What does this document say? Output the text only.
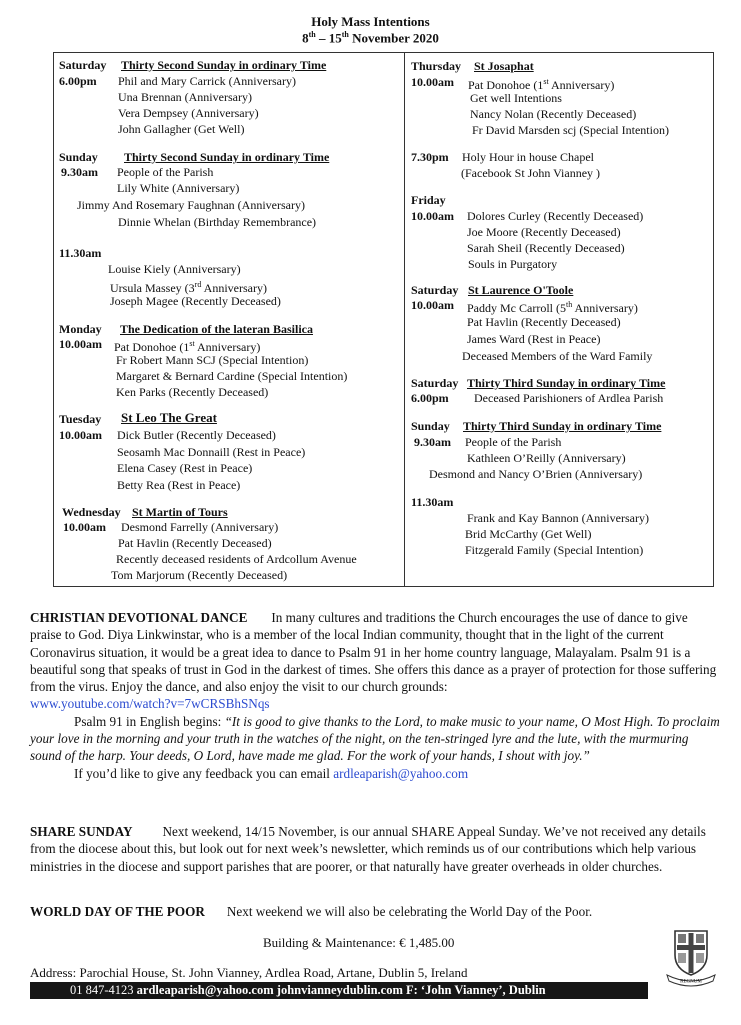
Holy Mass Intentions
8th – 15th November 2020
Saturday Thirty Second Sunday in ordinary Time
6.00pm Phil and Mary Carrick (Anniversary)
Una Brennan (Anniversary)
Vera Dempsey (Anniversary)
John Gallagher (Get Well)
Sunday Thirty Second Sunday in ordinary Time
9.30am People of the Parish
Lily White (Anniversary)
Jimmy And Rosemary Faughnan (Anniversary)
Dinnie Whelan (Birthday Remembrance)
11.30am
Louise Kiely (Anniversary)
Ursula Massey (3rd Anniversary)
Joseph Magee (Recently Deceased)
Monday The Dedication of the lateran Basilica
10.00am Pat Donohoe (1st Anniversary)
Fr Robert Mann SCJ (Special Intention)
Margaret & Bernard Cardine (Special Intention)
Ken Parks (Recently Deceased)
Tuesday St Leo The Great
10.00am Dick Butler (Recently Deceased)
Seosamh Mac Donnaill (Rest in Peace)
Elena Casey (Rest in Peace)
Betty Rea (Rest in Peace)
Wednesday St Martin of Tours
10.00am Desmond Farrelly (Anniversary)
Pat Havlin (Recently Deceased)
Recently deceased residents of Ardcollum Avenue
Tom Marjorum (Recently Deceased)
Thursday St Josaphat
10.00am Pat Donohoe (1st Anniversary)
Get well Intentions
Nancy Nolan (Recently Deceased)
Fr David Marsden scj (Special Intention)
7.30pm Holy Hour in house Chapel
(Facebook St John Vianney )
Friday
10.00am Dolores Curley (Recently Deceased)
Joe Moore (Recently Deceased)
Sarah Sheil (Recently Deceased)
Souls in Purgatory
Saturday St Laurence O'Toole
10.00am Paddy Mc Carroll (5th Anniversary)
Pat Havlin (Recently Deceased)
James Ward (Rest in Peace)
Deceased Members of the Ward Family
Saturday Thirty Third Sunday in ordinary Time
6.00pm Deceased Parishioners of Ardlea Parish
Sunday Thirty Third Sunday in ordinary Time
9.30am People of the Parish
Kathleen O’Reilly (Anniversary)
Desmond and Nancy O’Brien (Anniversary)
11.30am
Frank and Kay Bannon (Anniversary)
Brid McCarthy (Get Well)
Fitzgerald Family (Special Intention)

CHRISTIAN DEVOTIONAL DANCE In many cultures and traditions the Church encourages the use of dance to give praise to God. Diya Linkwinstar, who is a member of the local Indian community, thought that in the light of the current Coronavirus situation, it would be a great idea to dance to Psalm 91 in her home country language, Malayalam. Psalm 91 is a beautiful song that speaks of trust in God in the darkest of times. She offers this dance as a prayer of protection for those suffering from the virus. Enjoy the dance, and also enjoy the visit to our church grounds:

www.youtube.com/watch?v=7wCRSBhSNqs

Psalm 91 in English begins: “It is good to give thanks to the Lord, to make music to your name, O Most High. To proclaim your love in the morning and your truth in the watches of the night, on the ten-stringed lyre and the lute, with the murmuring sound of the harp. Your deeds, O Lord, have made me glad. For the work of your hands, I shout with joy.”

If you’d like to give any feedback you can email ardleaparish@yahoo.com

SHARE SUNDAY Next weekend, 14/15 November, is our annual SHARE Appeal Sunday. We’ve not received any details from the diocese about this, but look out for next week’s newsletter, which reminds us of our contributions which help various ministries in the diocese and support parishes that are poorer, or that naturally have greater overheads in older churches.

WORLD DAY OF THE POOR Next weekend we will also be celebrating the World Day of the Poor.

Building & Maintenance: € 1,485.00
Address: Parochial House, St. John Vianney, Ardlea Road, Artane, Dublin 5, Ireland
01 847-4123 ardleaparish@yahoo.com johnvianneydublin.com F: ‘John Vianney’, Dublin
REGNUM
